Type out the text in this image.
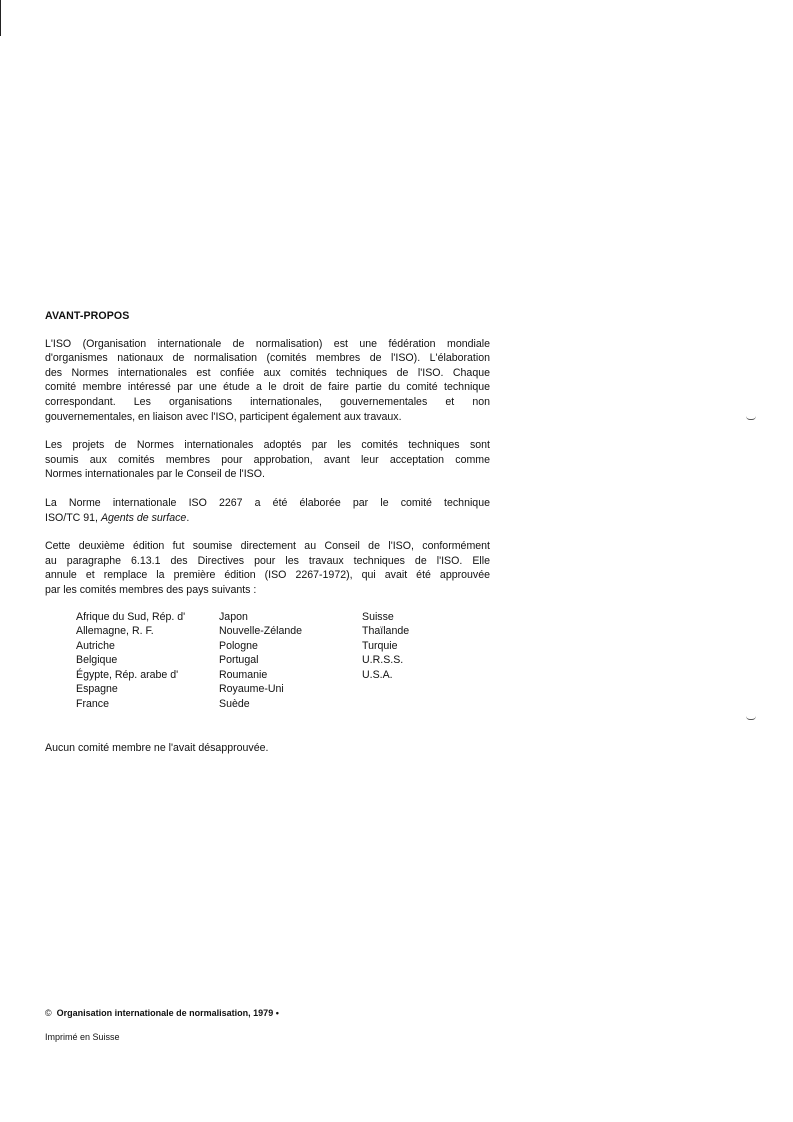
AVANT-PROPOS
L'ISO (Organisation internationale de normalisation) est une fédération mondiale
d'organismes nationaux de normalisation (comités membres de l'ISO). L'élaboration
des Normes internationales est confiée aux comités techniques de l'ISO. Chaque
comité membre intéressé par une étude a le droit de faire partie du comité technique
correspondant. Les organisations internationales, gouvernementales et non
gouvernementales, en liaison avec l'ISO, participent également aux travaux.
Les projets de Normes internationales adoptés par les comités techniques sont
soumis aux comités membres pour approbation, avant leur acceptation comme
Normes internationales par le Conseil de l'ISO.
La Norme internationale ISO 2267 a été élaborée par le comité technique
ISO/TC 91, Agents de surface.
Cette deuxième édition fut soumise directement au Conseil de l'ISO, conformément
au paragraphe 6.13.1 des Directives pour les travaux techniques de l'ISO. Elle
annule et remplace la première édition (ISO 2267-1972), qui avait été approuvée
par les comités membres des pays suivants :
Afrique du Sud, Rép. d'
Allemagne, R. F.
Autriche
Belgique
Égypte, Rép. arabe d'
Espagne
France
Japon
Nouvelle-Zélande
Pologne
Portugal
Roumanie
Royaume-Uni
Suède
Suisse
Thaïlande
Turquie
U.R.S.S.
U.S.A.
Aucun comité membre ne l'avait désapprouvée.
© Organisation internationale de normalisation, 1979 •
Imprimé en Suisse
